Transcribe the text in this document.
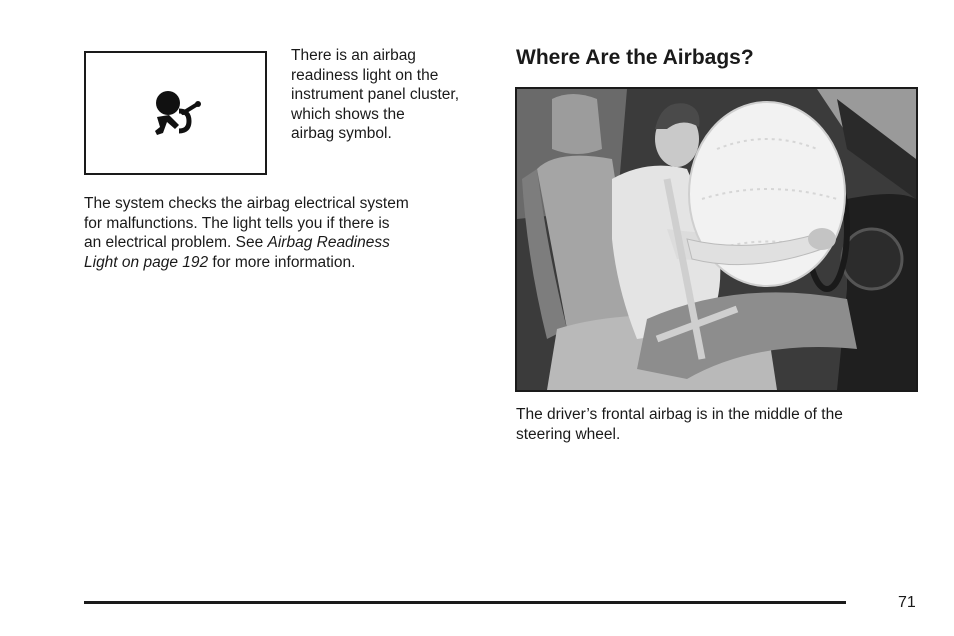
There is an airbag
readiness light on the
instrument panel cluster,
which shows the
airbag symbol.
The system checks the airbag electrical system
for malfunctions. The light tells you if there is
an electrical problem. See Airbag Readiness
Light on page 192 for more information.
Where Are the Airbags?
The driver’s frontal airbag is in the middle of the
steering wheel.
71
